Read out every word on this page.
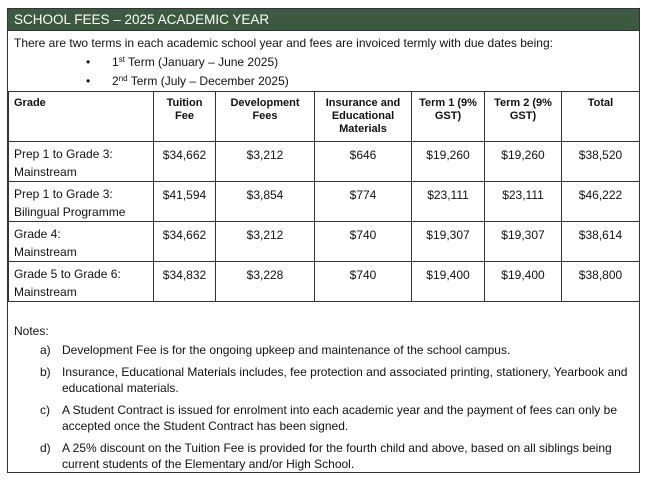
SCHOOL FEES – 2025 ACADEMIC YEAR
There are two terms in each academic school year and fees are invoiced termly with due dates being:
• 1st Term (January – June 2025)
• 2nd Term (July – December 2025)
Grade	Tuition Fee	Development Fees	Insurance and Educational Materials	Term 1 (9% GST)	Term 2 (9% GST)	Total

Prep 1 to Grade 3:
Mainstream	$34,662	$3,212	$646	$19,260	$19,260	$38,520

Prep 1 to Grade 3:
Bilingual Programme	$41,594	$3,854	$774	$23,111	$23,111	$46,222

Grade 4:
Mainstream	$34,662	$3,212	$740	$19,307	$19,307	$38,614

Grade 5 to Grade 6:
Mainstream	$34,832	$3,228	$740	$19,400	$19,400	$38,800
Notes:
a) Development Fee is for the ongoing upkeep and maintenance of the school campus.
b) Insurance, Educational Materials includes, fee protection and associated printing, stationery, Yearbook and educational materials.
c) A Student Contract is issued for enrolment into each academic year and the payment of fees can only be accepted once the Student Contract has been signed.
d) A 25% discount on the Tuition Fee is provided for the fourth child and above, based on all siblings being current students of the Elementary and/or High School.
